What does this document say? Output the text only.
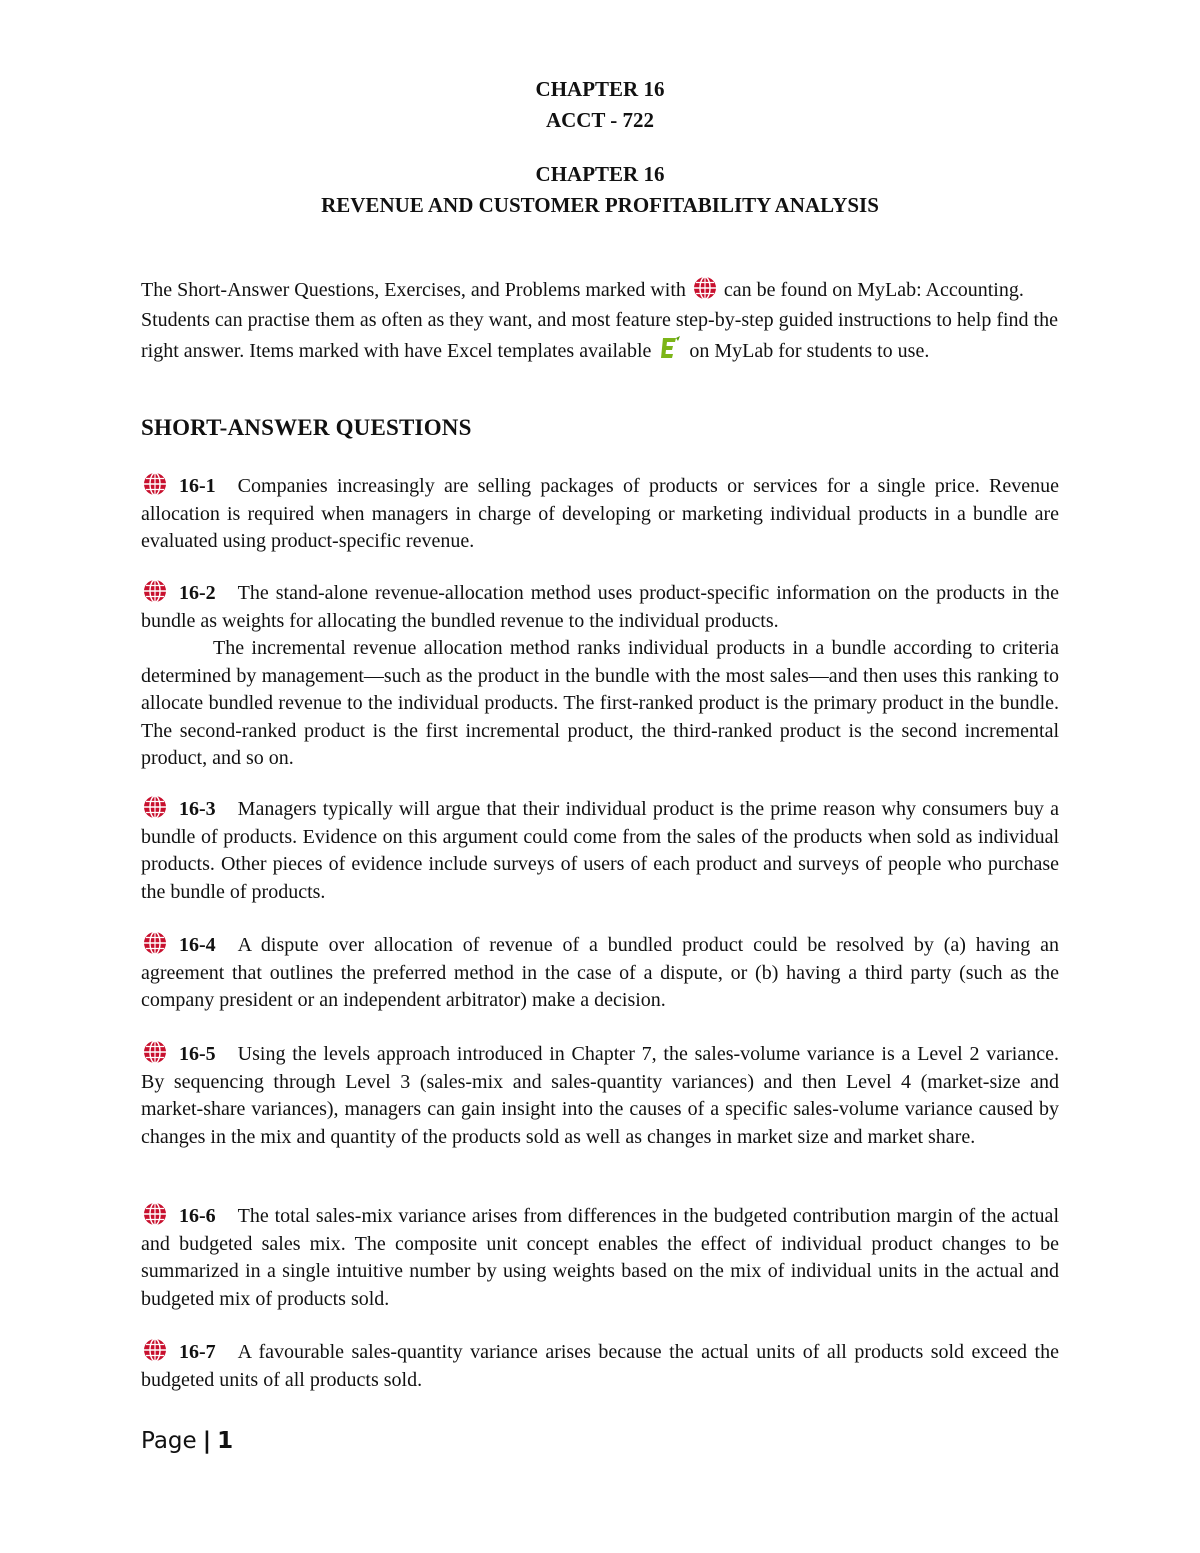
CHAPTER 16
ACCT - 722
CHAPTER 16
REVENUE AND CUSTOMER PROFITABILITY ANALYSIS

The Short-Answer Questions, Exercises, and Problems marked with can be found on MyLab: Accounting. Students can practise them as often as they want, and most feature step-by-step guided instructions to help find the right answer. Items marked with have Excel templates available on MyLab for students to use.

SHORT-ANSWER QUESTIONS

16-1 Companies increasingly are selling packages of products or services for a single price. Revenue allocation is required when managers in charge of developing or marketing individual products in a bundle are evaluated using product-specific revenue.

16-2 The stand-alone revenue-allocation method uses product-specific information on the products in the bundle as weights for allocating the bundled revenue to the individual products.
The incremental revenue allocation method ranks individual products in a bundle according to criteria determined by management—such as the product in the bundle with the most sales—and then uses this ranking to allocate bundled revenue to the individual products. The first-ranked product is the primary product in the bundle. The second-ranked product is the first incremental product, the third-ranked product is the second incremental product, and so on.

16-3 Managers typically will argue that their individual product is the prime reason why consumers buy a bundle of products. Evidence on this argument could come from the sales of the products when sold as individual products. Other pieces of evidence include surveys of users of each product and surveys of people who purchase the bundle of products.

16-4 A dispute over allocation of revenue of a bundled product could be resolved by (a) having an agreement that outlines the preferred method in the case of a dispute, or (b) having a third party (such as the company president or an independent arbitrator) make a decision.

16-5 Using the levels approach introduced in Chapter 7, the sales-volume variance is a Level 2 variance. By sequencing through Level 3 (sales-mix and sales-quantity variances) and then Level 4 (market-size and market-share variances), managers can gain insight into the causes of a specific sales-volume variance caused by changes in the mix and quantity of the products sold as well as changes in market size and market share.

16-6 The total sales-mix variance arises from differences in the budgeted contribution margin of the actual and budgeted sales mix. The composite unit concept enables the effect of individual product changes to be summarized in a single intuitive number by using weights based on the mix of individual units in the actual and budgeted mix of products sold.

16-7 A favourable sales-quantity variance arises because the actual units of all products sold exceed the budgeted units of all products sold.

Page | 1
